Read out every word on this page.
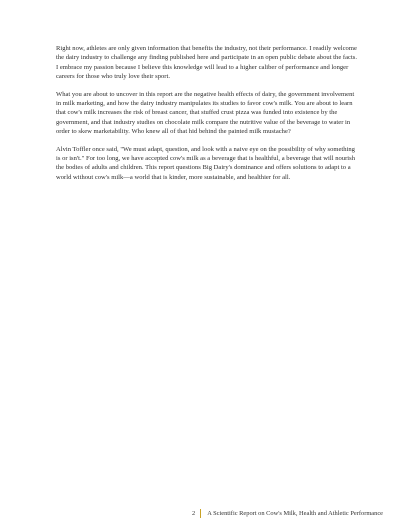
Right now, athletes are only given information that benefits the industry, not their performance. I readily welcome the dairy industry to challenge any finding published here and participate in an open public debate about the facts. I embrace my passion because I believe this knowledge will lead to a higher caliber of performance and longer careers for those who truly love their sport.

What you are about to uncover in this report are the negative health effects of dairy, the government involvement in milk marketing, and how the dairy industry manipulates its studies to favor cow's milk. You are about to learn that cow's milk increases the risk of breast cancer, that stuffed crust pizza was funded into existence by the government, and that industry studies on chocolate milk compare the nutritive value of the beverage to water in order to skew marketability. Who knew all of that hid behind the painted milk mustache?

Alvin Toffler once said, "We must adapt, question, and look with a naive eye on the possibility of why something is or isn't." For too long, we have accepted cow's milk as a beverage that is healthful, a beverage that will nourish the bodies of adults and children. This report questions Big Dairy's dominance and offers solutions to adapt to a world without cow's milk—a world that is kinder, more sustainable, and healthier for all.

2 A Scientific Report on Cow's Milk, Health and Athletic Performance
